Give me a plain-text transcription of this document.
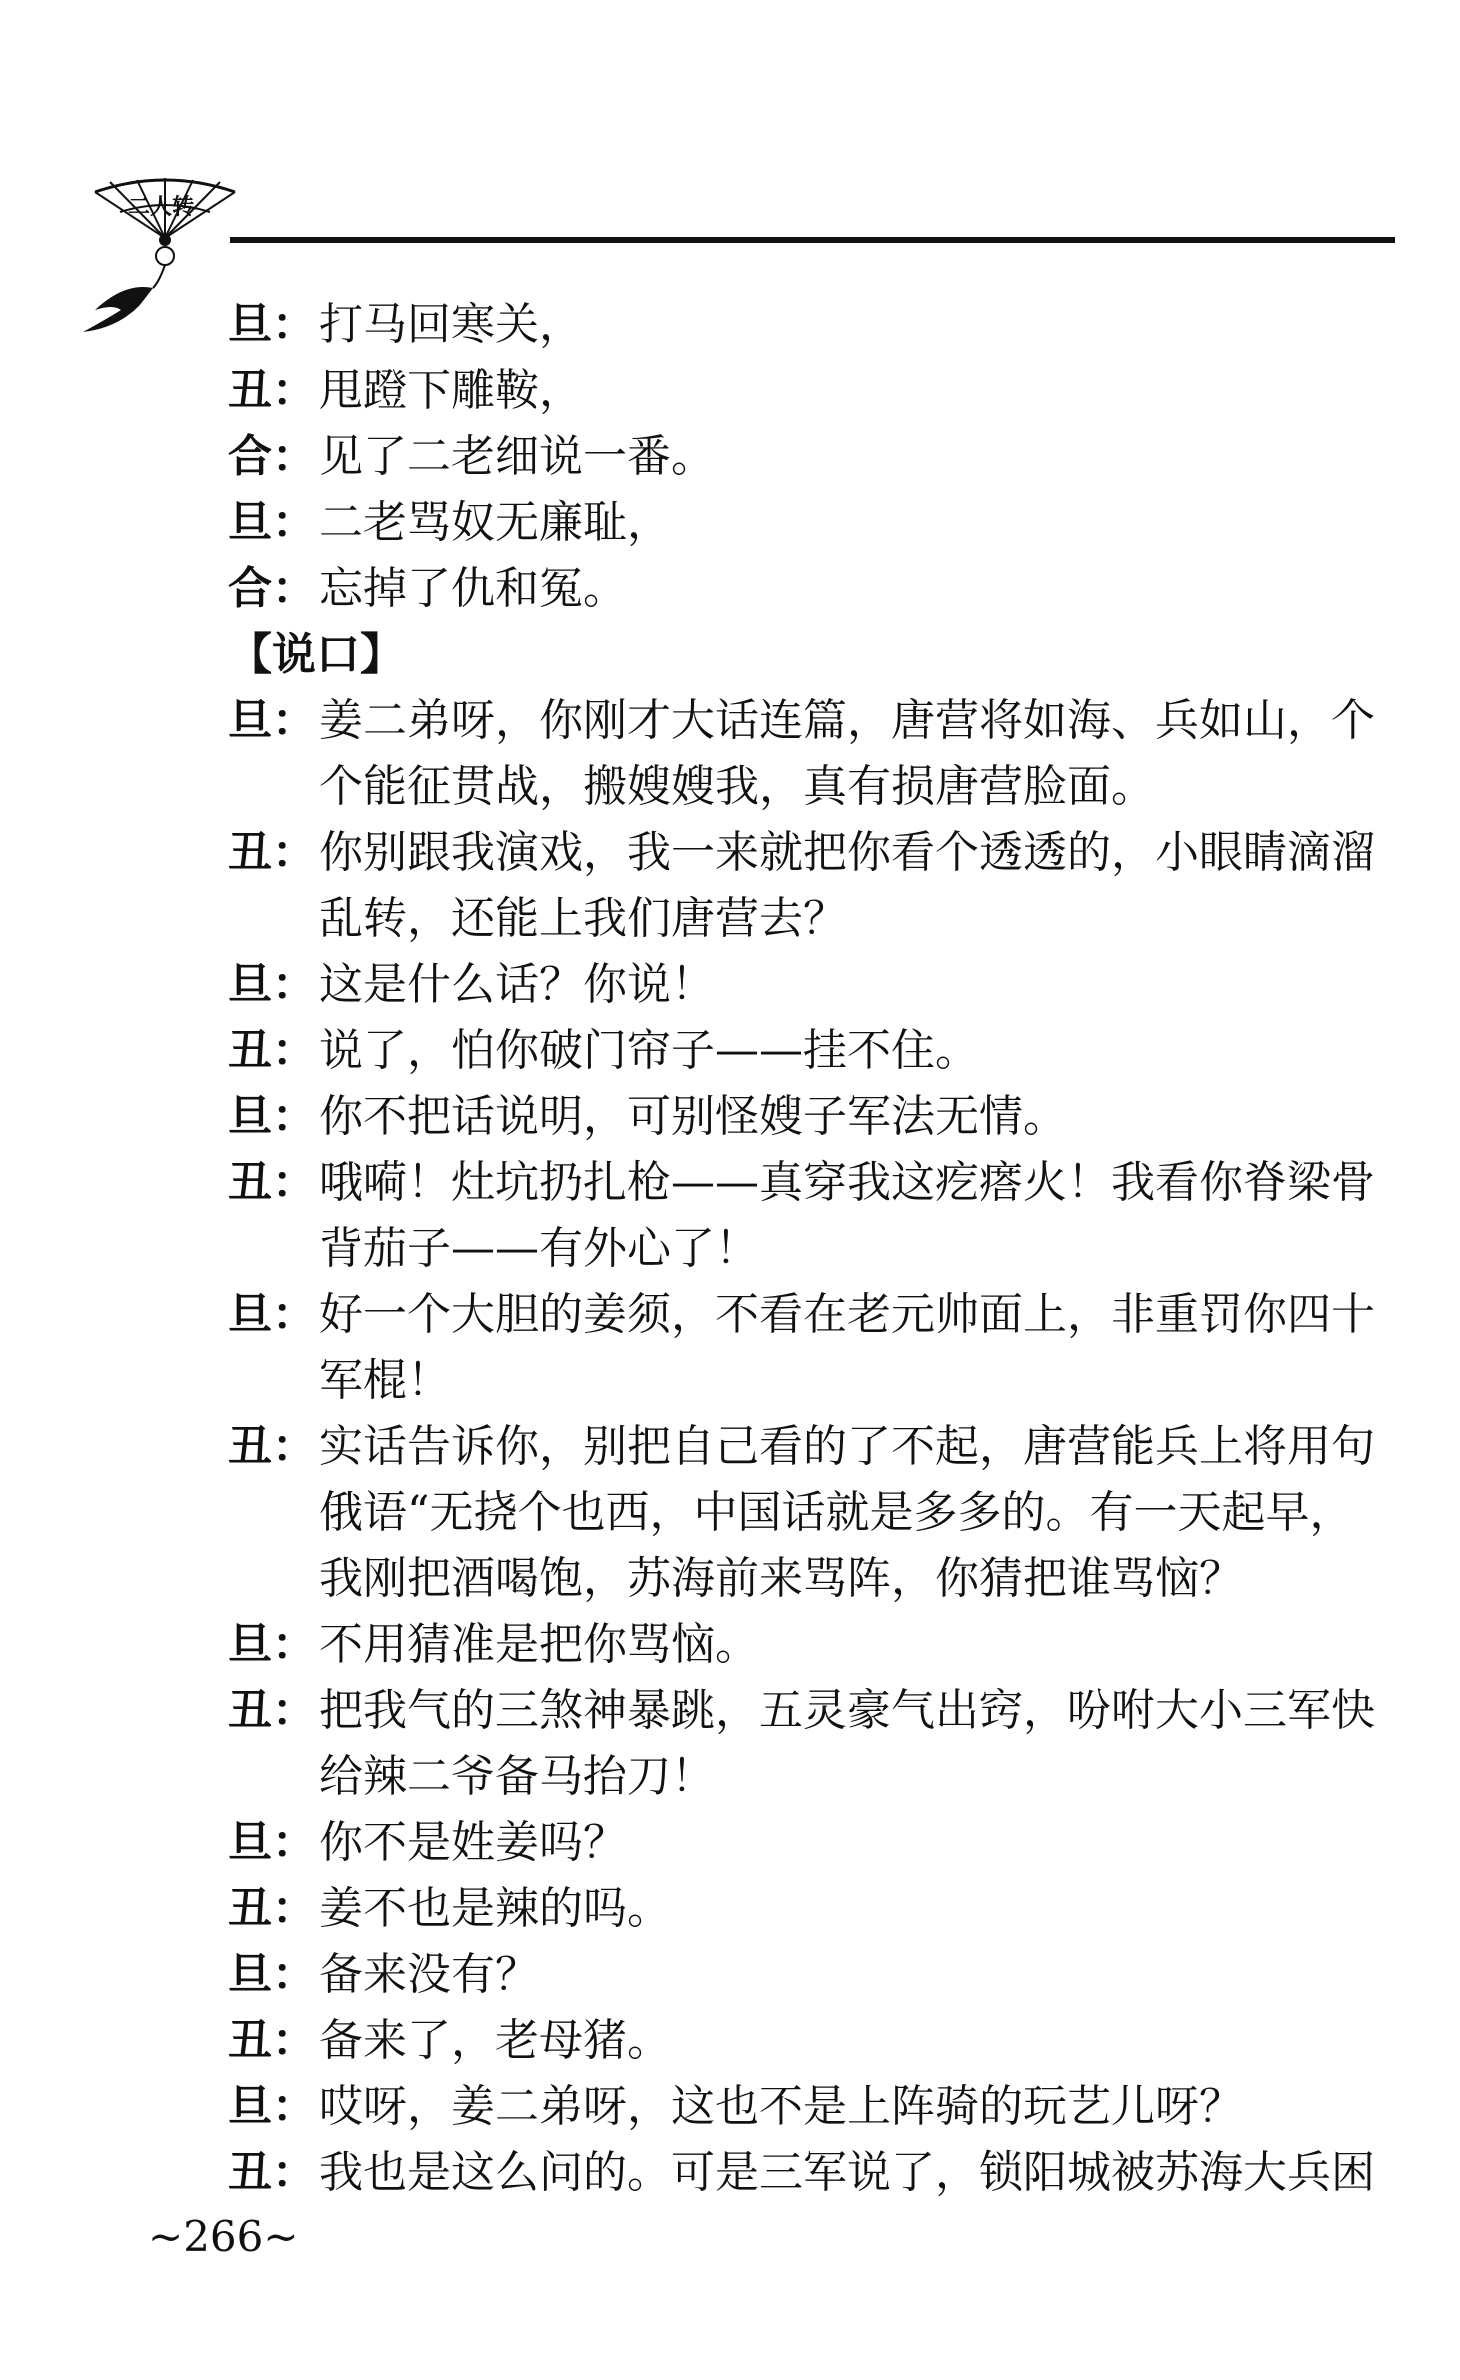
二人转
旦： 打马回寒关，
丑： 甩蹬下雕鞍，
合： 见了二老细说一番。
旦： 二老骂奴无廉耻，
合： 忘掉了仇和冤。
【说口】
旦： 姜二弟呀，你刚才大话连篇，唐营将如海、兵如山，个
个能征贯战，搬嫂嫂我，真有损唐营脸面。
丑： 你别跟我演戏，我一来就把你看个透透的，小眼睛滴溜
乱转，还能上我们唐营去？
旦： 这是什么话？你说！
丑： 说了，怕你破门帘子——挂不住。
旦： 你不把话说明，可别怪嫂子军法无情。
丑： 哦嗬！灶坑扔扎枪——真穿我这疙瘩火！我看你脊梁骨
背茄子——有外心了！
旦： 好一个大胆的姜须，不看在老元帅面上，非重罚你四十
军棍！
丑： 实话告诉你，别把自己看的了不起，唐营能兵上将用句
俄语“无挠个也西，中国话就是多多的。有一天起早，
我刚把酒喝饱，苏海前来骂阵，你猜把谁骂恼？
旦： 不用猜准是把你骂恼。
丑： 把我气的三煞神暴跳，五灵豪气出窍，吩咐大小三军快
给辣二爷备马抬刀！
旦： 你不是姓姜吗？
丑： 姜不也是辣的吗。
旦： 备来没有？
丑： 备来了，老母猪。
旦： 哎呀，姜二弟呀，这也不是上阵骑的玩艺儿呀？
丑： 我也是这么问的。可是三军说了，锁阳城被苏海大兵困
~266~
